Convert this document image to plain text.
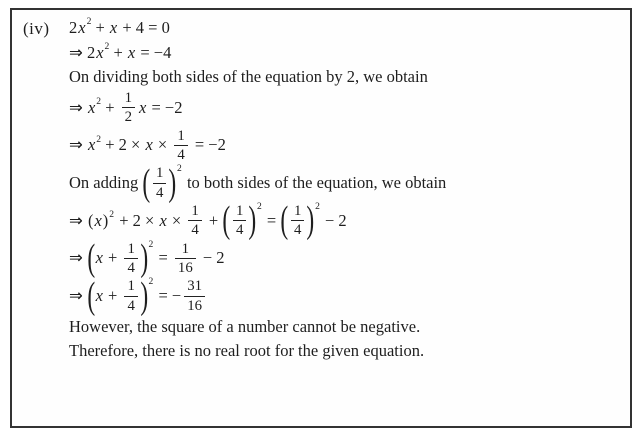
(iv) 2 x 2 + x + 4 = 0
⇒ 2 x 2 + x = −4
On dividing both sides of the equation by 2, we obtain
⇒ x $2 + \frac{1}{2}$ x = −2
⇒ x $2 + 2 \times x \times \frac{1}{4} = -2$
On adding ( $\frac{1}{4}$ ) 2
to both sides of the equation, we obtain
⇒ ( x ) $2 + 2 \times x \times \frac{1}{4}$ + ( $\frac{1}{4}$ ) 2
= ( $\frac{1}{4}$ ) 2
− 2
⇒ ( $x + \frac{1}{4}$ ) 2
= $\frac{1}{16} - 2$
⇒ ( $x + \frac{1}{4}$ ) 2
= − $\frac{31}{16}$
However, the square of a number cannot be negative.
Therefore, there is no real root for the given equation.
